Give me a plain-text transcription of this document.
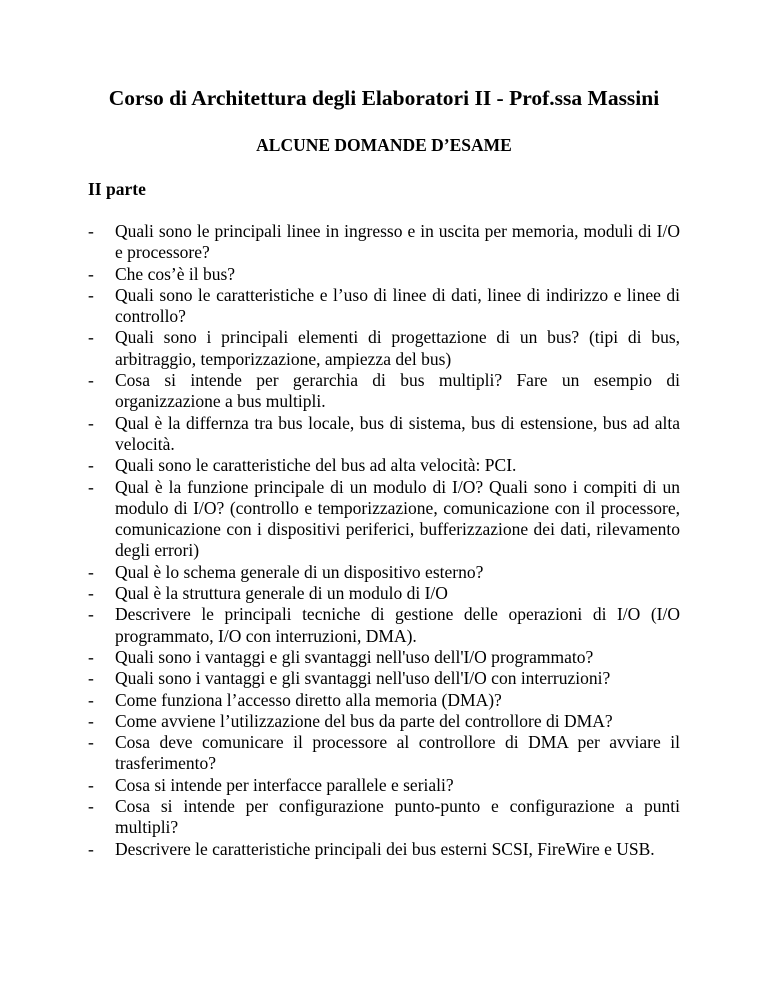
Corso di Architettura degli Elaboratori II - Prof.ssa Massini
ALCUNE DOMANDE D’ESAME
II parte
- Quali sono le principali linee in ingresso e in uscita per memoria, moduli di I/O e processore?
- Che cos’è il bus?
- Quali sono le caratteristiche e l’uso di linee di dati, linee di indirizzo e linee di controllo?
- Quali sono i principali elementi di progettazione di un bus? (tipi di bus, arbitraggio, temporizzazione, ampiezza del bus)
- Cosa si intende per gerarchia di bus multipli? Fare un esempio di organizzazione a bus multipli.
- Qual è la differnza tra bus locale, bus di sistema, bus di estensione, bus ad alta velocità.
- Quali sono le caratteristiche del bus ad alta velocità: PCI.
- Qual è la funzione principale di un modulo di I/O? Quali sono i compiti di un modulo di I/O? (controllo e temporizzazione, comunicazione con il processore, comunicazione con i dispositivi periferici, bufferizzazione dei dati, rilevamento degli errori)
- Qual è lo schema generale di un dispositivo esterno?
- Qual è la struttura generale di un modulo di I/O
- Descrivere le principali tecniche di gestione delle operazioni di I/O (I/O programmato, I/O con interruzioni, DMA).
- Quali sono i vantaggi e gli svantaggi nell'uso dell'I/O programmato?
- Quali sono i vantaggi e gli svantaggi nell'uso dell'I/O con interruzioni?
- Come funziona l’accesso diretto alla memoria (DMA)?
- Come avviene l’utilizzazione del bus da parte del controllore di DMA?
- Cosa deve comunicare il processore al controllore di DMA per avviare il trasferimento?
- Cosa si intende per interfacce parallele e seriali?
- Cosa si intende per configurazione punto-punto e configurazione a punti multipli?
- Descrivere le caratteristiche principali dei bus esterni SCSI, FireWire e USB.
